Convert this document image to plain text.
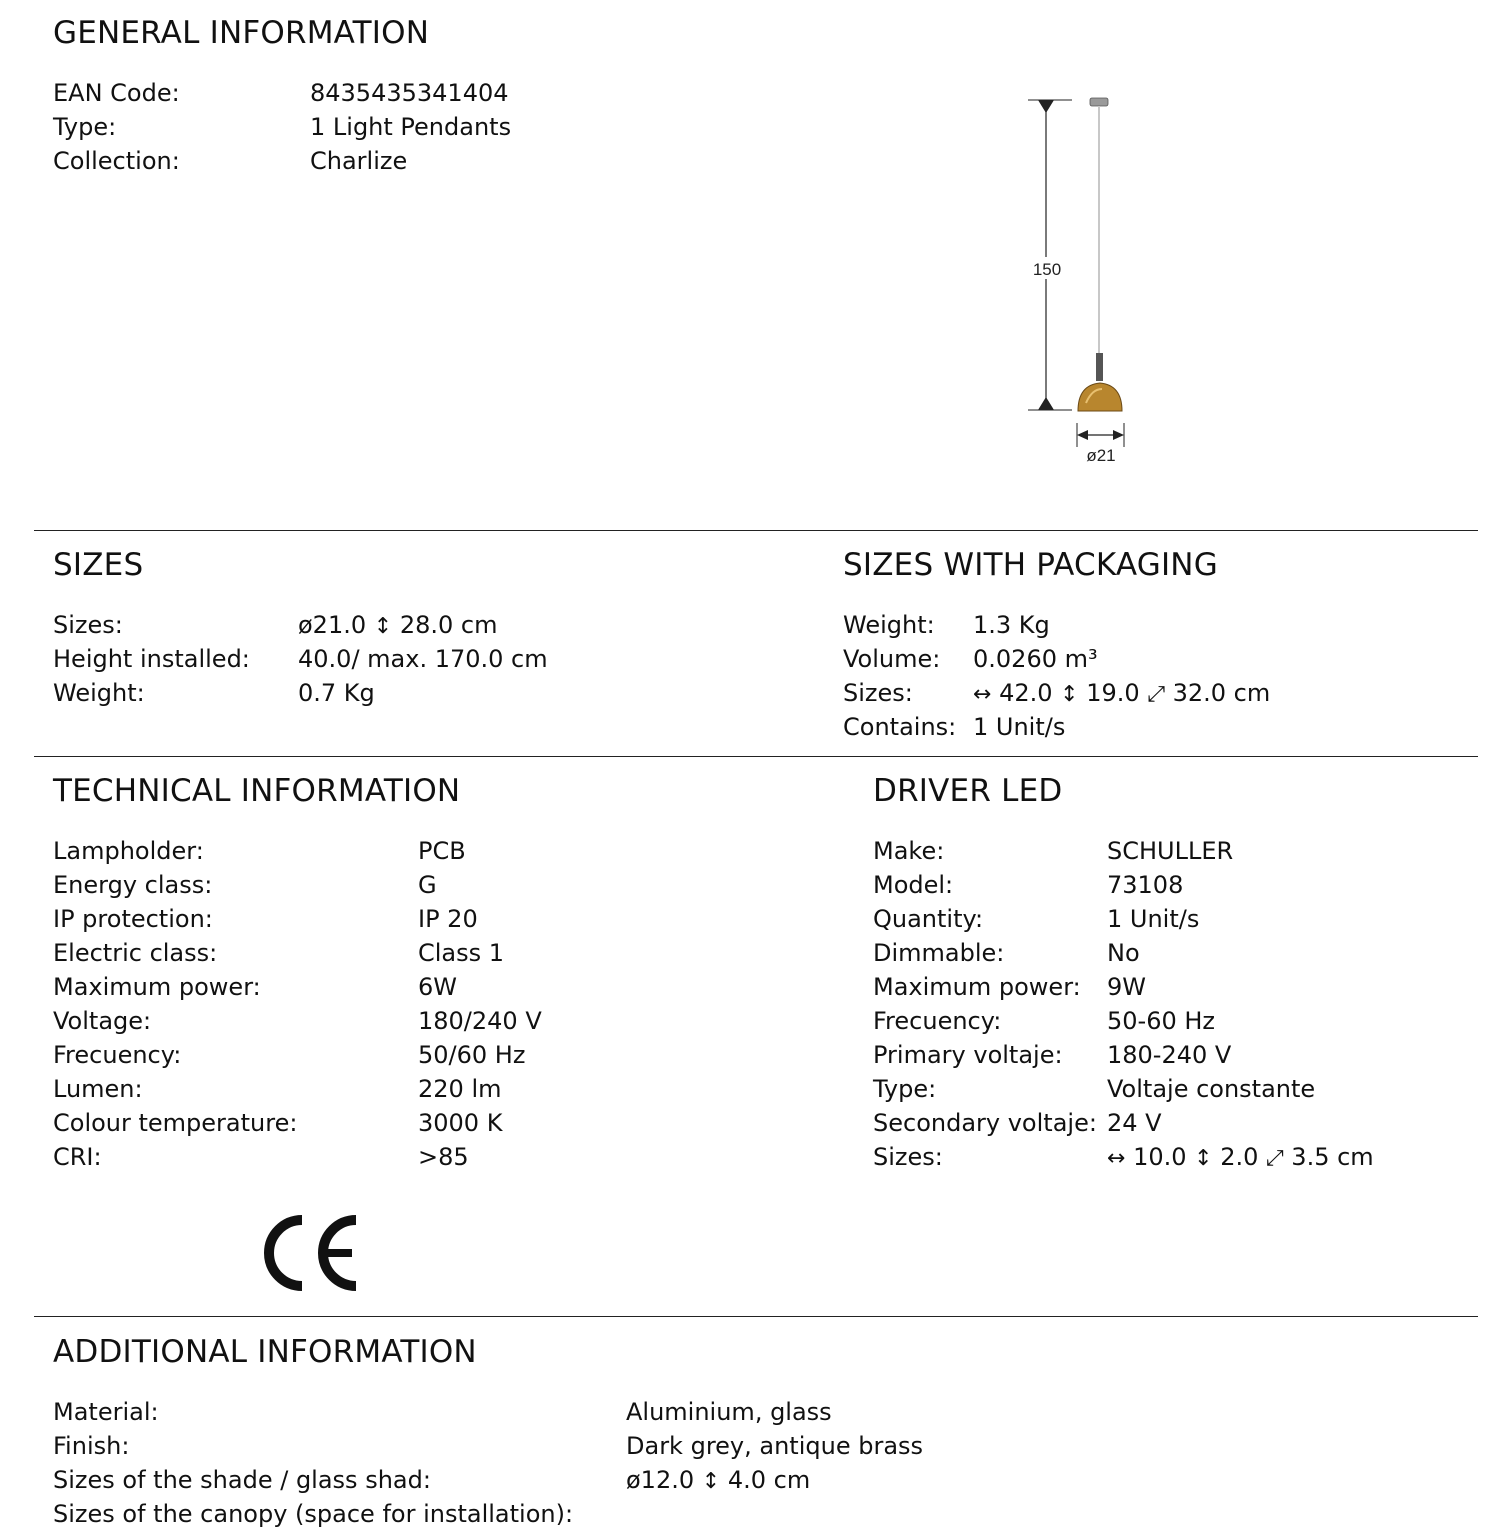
GENERAL INFORMATION
EAN Code:	8435435341404
Type:	1 Light Pendants
Collection:	Charlize
150
ø21
SIZES
Sizes:	ø21.0 ↕ 28.0 cm
Height installed: 40.0/ max. 170.0 cm
Weight:	0.7 Kg
SIZES WITH PACKAGING
Weight: 1.3 Kg
Volume: 0.0260 m³
Sizes:	↔ 42.0 ↕ 19.0 ⤢ 32.0 cm
Contains: 1 Unit/s
TECHNICAL INFORMATION
Lampholder:	PCB
Energy class:	G
IP protection:	IP 20
Electric class:	Class 1
Maximum power:	6W
Voltage:	180/240 V
Frecuency:	50/60 Hz
Lumen:	220 lm
Colour temperature:	3000 K
CRI:	>85
DRIVER LED
Make:	SCHULLER
Model:	73108
Quantity:	1 Unit/s
Dimmable:	No
Maximum power: 9W
Frecuency:	50-60 Hz
Primary voltaje: 180-240 V
Type:	Voltaje constante
Secondary voltaje: 24 V
Sizes:	↔ 10.0 ↕ 2.0 ⤢ 3.5 cm
ADDITIONAL INFORMATION
Material:	Aluminium, glass
Finish:	Dark grey, antique brass
Sizes of the shade / glass shad:	ø12.0 ↕ 4.0 cm
Sizes of the canopy (space for installation):
